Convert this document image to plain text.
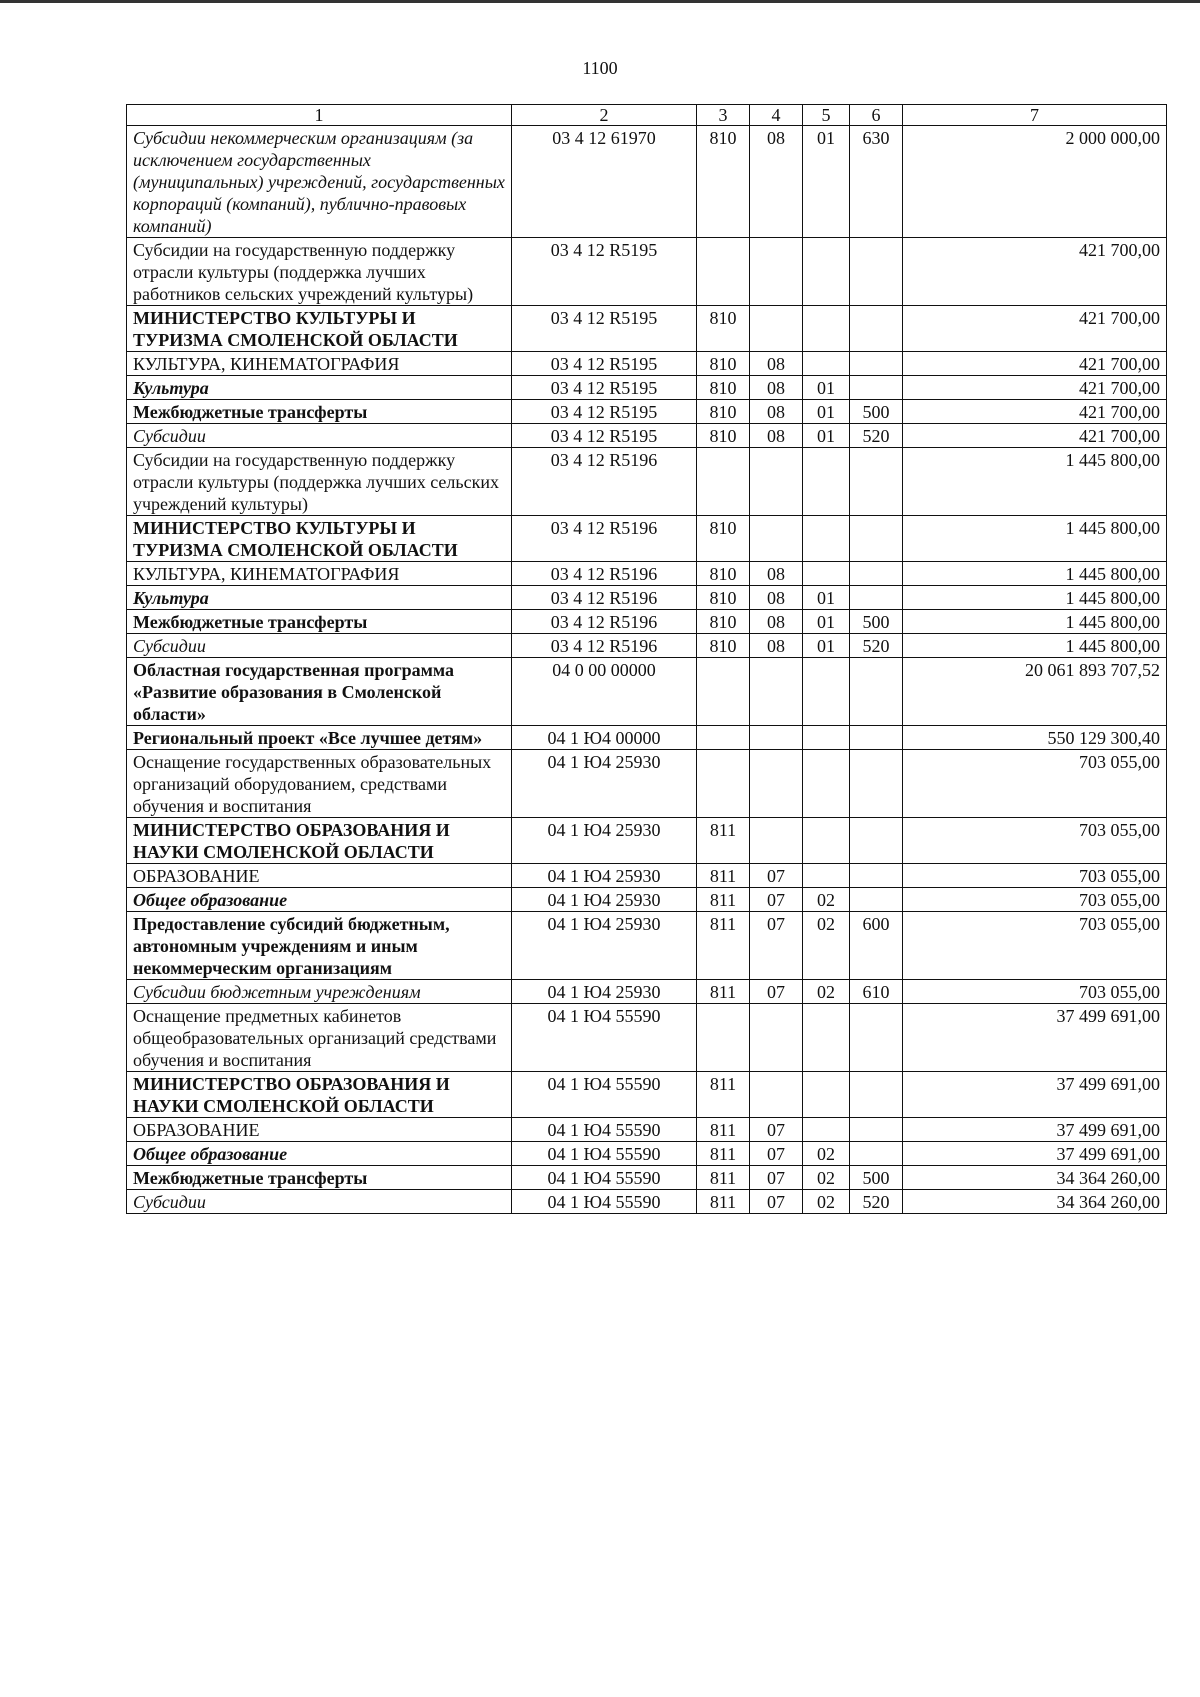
1100
1	2	3	4	5	6	7
Субсидии некоммерческим организациям (за исключением государственных (муниципальных) учреждений, государственных корпораций (компаний), публично-правовых компаний)	03 4 12 61970	810	08	01	630	2 000 000,00
Субсидии на государственную поддержку отрасли культуры (поддержка лучших работников сельских учреждений культуры)	03 4 12 R5195					421 700,00
МИНИСТЕРСТВО КУЛЬТУРЫ И ТУРИЗМА СМОЛЕНСКОЙ ОБЛАСТИ	03 4 12 R5195	810				421 700,00
КУЛЬТУРА, КИНЕМАТОГРАФИЯ	03 4 12 R5195	810	08			421 700,00
Культура	03 4 12 R5195	810	08	01		421 700,00
Межбюджетные трансферты	03 4 12 R5195	810	08	01	500	421 700,00
Субсидии	03 4 12 R5195	810	08	01	520	421 700,00
Субсидии на государственную поддержку отрасли культуры (поддержка лучших сельских учреждений культуры)	03 4 12 R5196					1 445 800,00
МИНИСТЕРСТВО КУЛЬТУРЫ И ТУРИЗМА СМОЛЕНСКОЙ ОБЛАСТИ	03 4 12 R5196	810				1 445 800,00
КУЛЬТУРА, КИНЕМАТОГРАФИЯ	03 4 12 R5196	810	08			1 445 800,00
Культура	03 4 12 R5196	810	08	01		1 445 800,00
Межбюджетные трансферты	03 4 12 R5196	810	08	01	500	1 445 800,00
Субсидии	03 4 12 R5196	810	08	01	520	1 445 800,00
Областная государственная программа «Развитие образования в Смоленской области»	04 0 00 00000					20 061 893 707,52
Региональный проект «Все лучшее детям»	04 1 Ю4 00000					550 129 300,40
Оснащение государственных образовательных организаций оборудованием, средствами обучения и воспитания	04 1 Ю4 25930					703 055,00
МИНИСТЕРСТВО ОБРАЗОВАНИЯ И НАУКИ СМОЛЕНСКОЙ ОБЛАСТИ	04 1 Ю4 25930	811				703 055,00
ОБРАЗОВАНИЕ	04 1 Ю4 25930	811	07			703 055,00
Общее образование	04 1 Ю4 25930	811	07	02		703 055,00
Предоставление субсидий бюджетным, автономным учреждениям и иным некоммерческим организациям	04 1 Ю4 25930	811	07	02	600	703 055,00
Субсидии бюджетным учреждениям	04 1 Ю4 25930	811	07	02	610	703 055,00
Оснащение предметных кабинетов общеобразовательных организаций средствами обучения и воспитания	04 1 Ю4 55590					37 499 691,00
МИНИСТЕРСТВО ОБРАЗОВАНИЯ И НАУКИ СМОЛЕНСКОЙ ОБЛАСТИ	04 1 Ю4 55590	811				37 499 691,00
ОБРАЗОВАНИЕ	04 1 Ю4 55590	811	07			37 499 691,00
Общее образование	04 1 Ю4 55590	811	07	02		37 499 691,00
Межбюджетные трансферты	04 1 Ю4 55590	811	07	02	500	34 364 260,00
Субсидии	04 1 Ю4 55590	811	07	02	520	34 364 260,00
